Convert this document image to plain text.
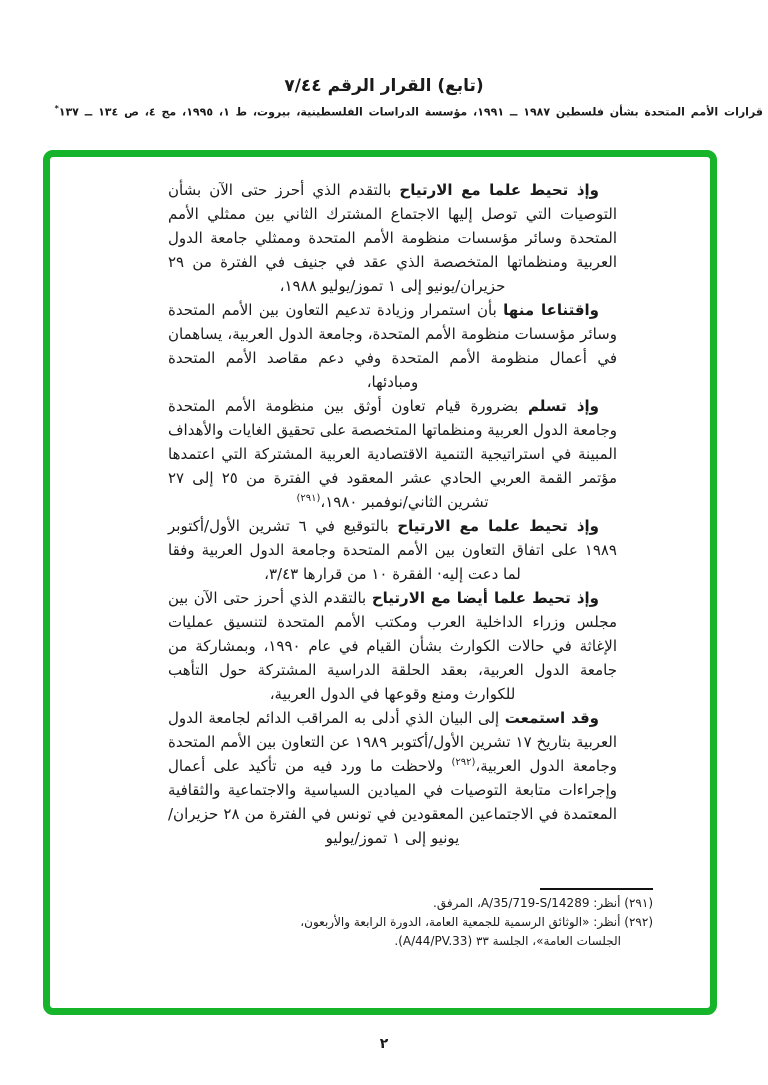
(تابع) القرار الرقم ٧/٤٤
قرارات الأمم المتحدة بشأن فلسطين ١٩٨٧ ــ ١٩٩١، مؤسسة الدراسات الفلسطينية، بيروت، ط ١، ١٩٩٥، مج ٤، ص ١٣٤ ــ ١٣٧*

وإذ تحيط علما مع الارتياح بالتقدم الذي أحرز حتى الآن بشأن التوصيات التي توصل إليها الاجتماع المشترك الثاني بين ممثلي الأمم المتحدة وسائر مؤسسات منظومة الأمم المتحدة وممثلي جامعة الدول العربية ومنظماتها المتخصصة الذي عقد في جنيف في الفترة من ٢٩ حزيران/يونيو إلى ١ تموز/يوليو ١٩٨٨،

واقتناعا منها بأن استمرار وزيادة تدعيم التعاون بين الأمم المتحدة وسائر مؤسسات منظومة الأمم المتحدة، وجامعة الدول العربية، يساهمان في أعمال منظومة الأمم المتحدة وفي دعم مقاصد الأمم المتحدة ومبادئها،

وإذ تسلم بضرورة قيام تعاون أوثق بين منظومة الأمم المتحدة وجامعة الدول العربية ومنظماتها المتخصصة على تحقيق الغايات والأهداف المبينة في استراتيجية التنمية الاقتصادية العربية المشتركة التي اعتمدها مؤتمر القمة العربي الحادي عشر المعقود في الفترة من ٢٥ إلى ٢٧ تشرين الثاني/نوفمبر ١٩٨٠،$^{(٢٩١)}$

وإذ تحيط علما مع الارتياح بالتوقيع في ٦ تشرين الأول/أكتوبر ١٩٨٩ على اتفاق التعاون بين الأمم المتحدة وجامعة الدول العربية وفقا لما دعت إليه· الفقرة ١٠ من قرارها ٣/٤٣،

وإذ تحيط علما أيضا مع الارتياح بالتقدم الذي أحرز حتى الآن بين مجلس وزراء الداخلية العرب ومكتب الأمم المتحدة لتنسيق عمليات الإغاثة في حالات الكوارث بشأن القيام في عام ١٩٩٠، وبمشاركة من جامعة الدول العربية، بعقد الحلقة الدراسية المشتركة حول التأهب للكوارث ومنع وقوعها في الدول العربية،

وقد استمعت إلى البيان الذي أدلى به المراقب الدائم لجامعة الدول العربية بتاريخ ١٧ تشرين الأول/أكتوبر ١٩٨٩ عن التعاون بين الأمم المتحدة وجامعة الدول العربية،$^{(٢٩٢)}$ ولاحظت ما ورد فيه من تأكيد على أعمال وإجراءات متابعة التوصيات في الميادين السياسية والاجتماعية والثقافية المعتمدة في الاجتماعين المعقودين في تونس في الفترة من ٢٨ حزيران/يونيو إلى ١ تموز/يوليو

(٢٩١) أنظر: A/35/719-S/14289، المرفق.

(٢٩٢) أنظر: «الوثائق الرسمية للجمعية العامة، الدورة الرابعة والأربعون، الجلسات العامة»، الجلسة ٣٣ (A/44/PV.33).

٢
